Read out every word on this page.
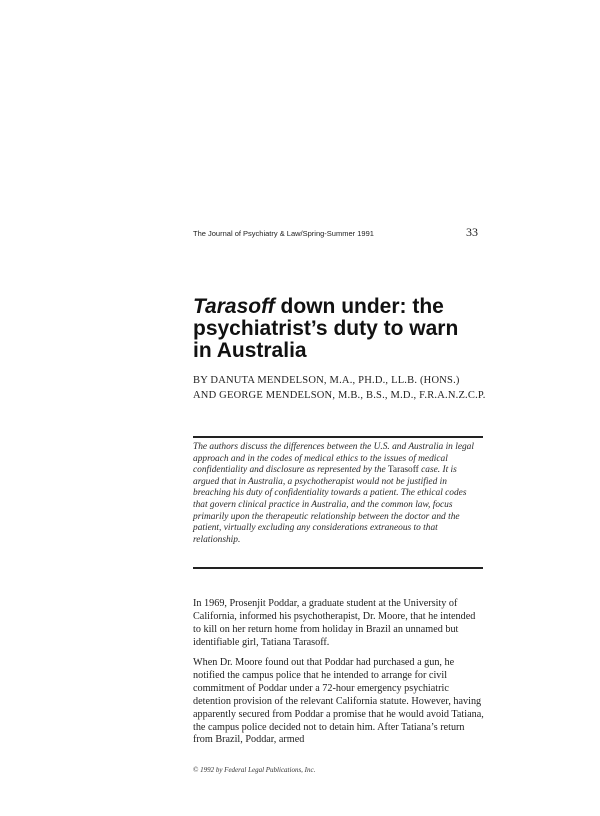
The Journal of Psychiatry & Law/Spring-Summer 1991	33
Tarasoff down under: the
psychiatrist’s duty to warn
in Australia
BY DANUTA MENDELSON, M.A., PH.D., LL.B. (HONS.)
AND GEORGE MENDELSON, M.B., B.S., M.D., F.R.A.N.Z.C.P.
The authors discuss the differences between the U.S. and Australia in legal approach and in the codes of medical ethics to the issues of medical confidentiality and disclosure as represented by the Tarasoff case. It is argued that in Australia, a psychotherapist would not be justified in breaching his duty of confidentiality towards a patient. The ethical codes that govern clinical practice in Australia, and the common law, focus primarily upon the therapeutic relationship between the doctor and the patient, virtually excluding any considerations extraneous to that relationship.

In 1969, Prosenjit Poddar, a graduate student at the University of California, informed his psychotherapist, Dr. Moore, that he intended to kill on her return home from holiday in Brazil an unnamed but identifiable girl, Tatiana Tarasoff.

When Dr. Moore found out that Poddar had purchased a gun, he notified the campus police that he intended to arrange for civil commitment of Poddar under a 72-hour emergency psychiatric detention provision of the relevant California statute. However, having apparently secured from Poddar a promise that he would avoid Tatiana, the campus police decided not to detain him. After Tatiana’s return from Brazil, Poddar, armed

© 1992 by Federal Legal Publications, Inc.
